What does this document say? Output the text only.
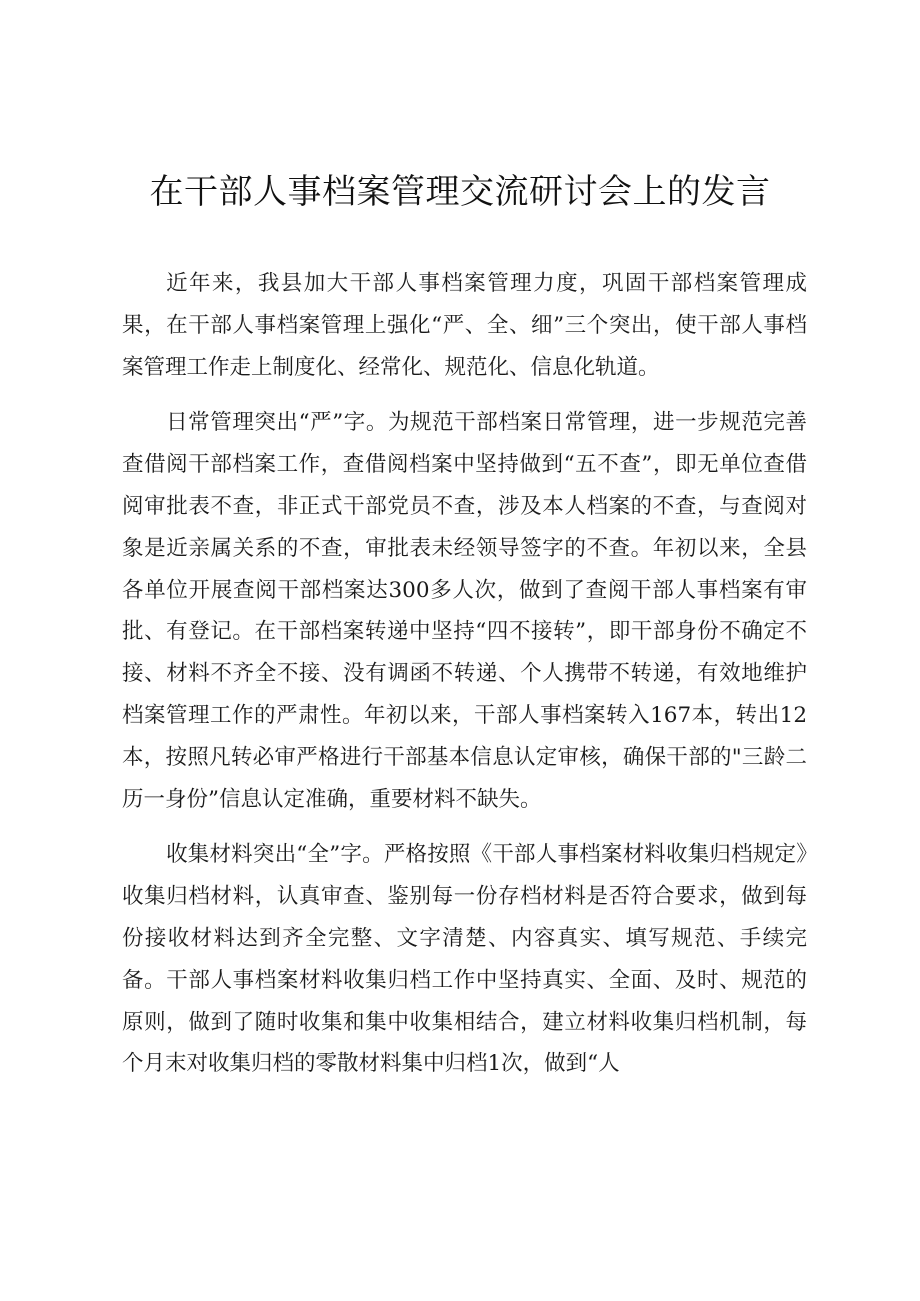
在干部人事档案管理交流研讨会上的发言

近年来，我县加大干部人事档案管理力度，巩固干部档案管理成果，在干部人事档案管理上强化“严、全、细”三个突出，使干部人事档案管理工作走上制度化、经常化、规范化、信息化轨道。

日常管理突出“严”字。为规范干部档案日常管理，进一步规范完善查借阅干部档案工作，查借阅档案中坚持做到“五不查”，即无单位查借阅审批表不查，非正式干部党员不查，涉及本人档案的不查，与查阅对象是近亲属关系的不查，审批表未经领导签字的不查。年初以来，全县各单位开展查阅干部档案达300多人次，做到了查阅干部人事档案有审批、有登记。在干部档案转递中坚持“四不接转”，即干部身份不确定不接、材料不齐全不接、没有调函不转递、个人携带不转递，有效地维护档案管理工作的严肃性。年初以来，干部人事档案转入167本，转出12本，按照凡转必审严格进行干部基本信息认定审核，确保干部的"三龄二历一身份”信息认定准确，重要材料不缺失。

收集材料突出“全”字。严格按照《干部人事档案材料收集归档规定》收集归档材料，认真审查、鉴别每一份存档材料是否符合要求，做到每份接收材料达到齐全完整、文字清楚、内容真实、填写规范、手续完备。干部人事档案材料收集归档工作中坚持真实、全面、及时、规范的原则，做到了随时收集和集中收集相结合，建立材料收集归档机制，每个月末对收集归档的零散材料集中归档1次，做到“人
